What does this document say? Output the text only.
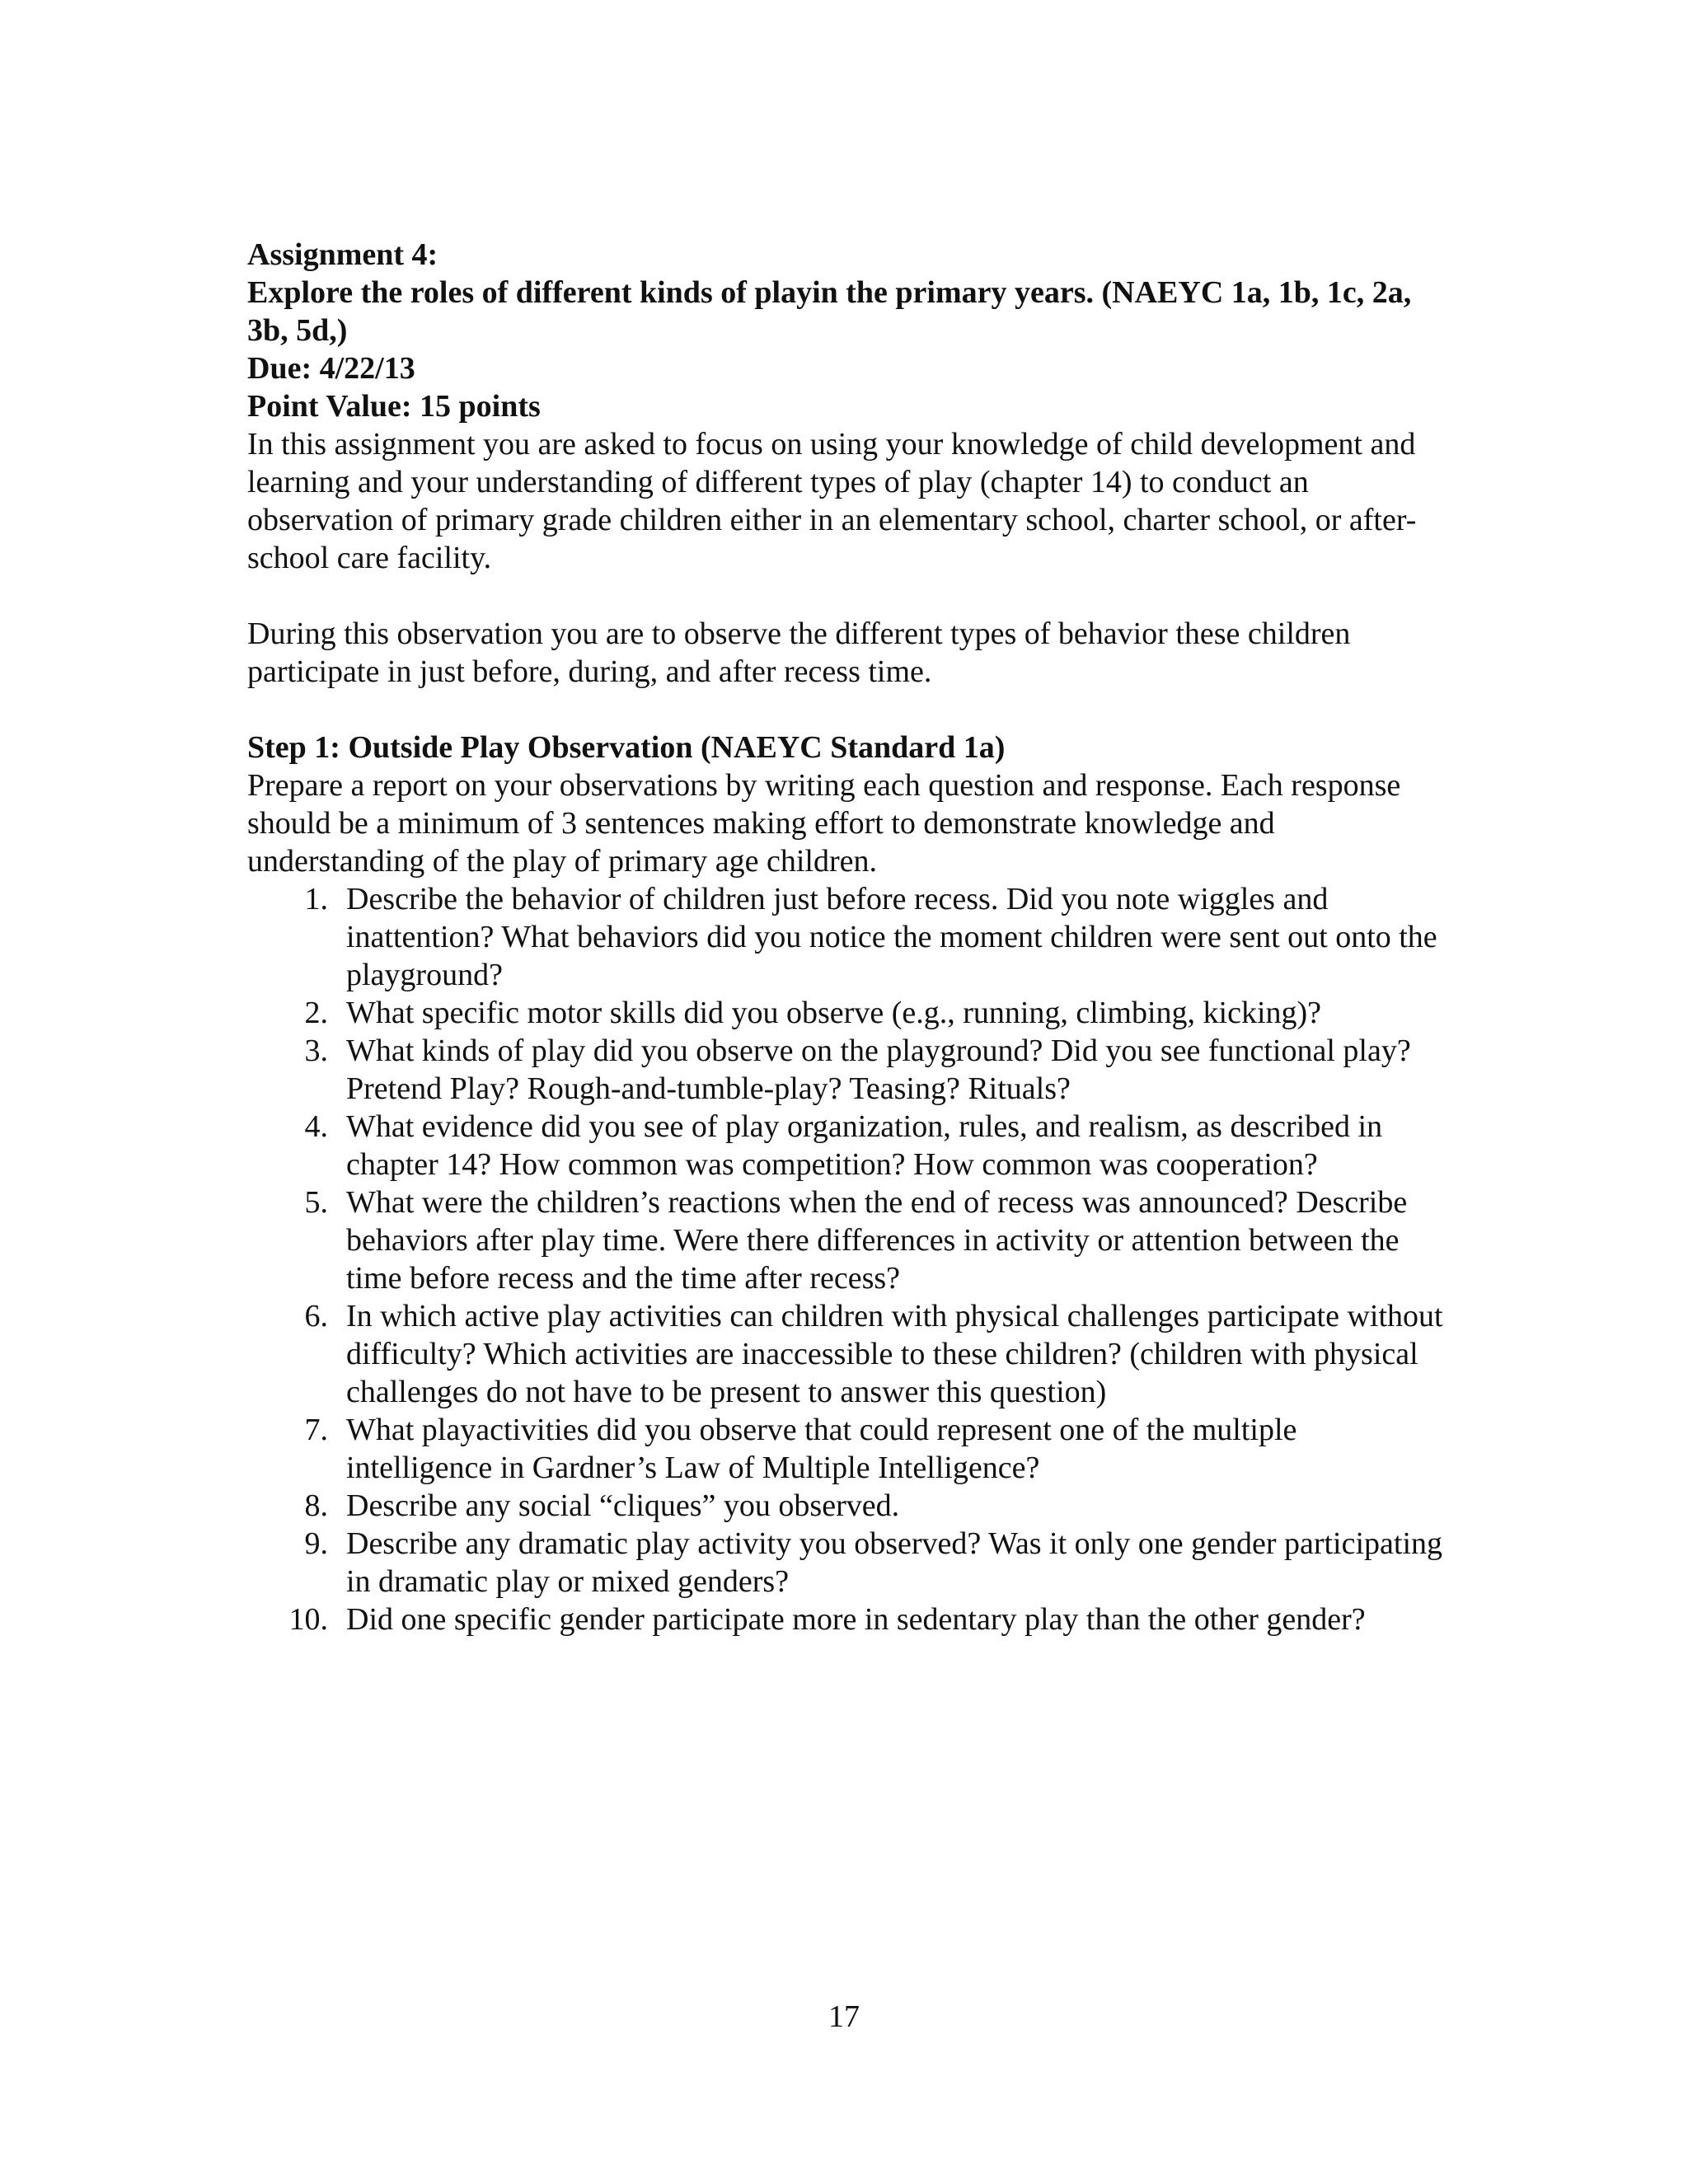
Assignment 4:

Explore the roles of different kinds of playin the primary years. (NAEYC 1a, 1b, 1c, 2a, 3b, 5d,)

Due: 4/22/13

Point Value: 15 points

In this assignment you are asked to focus on using your knowledge of child development and learning and your understanding of different types of play (chapter 14) to conduct an observation of primary grade children either in an elementary school, charter school, or after-school care facility.

During this observation you are to observe the different types of behavior these children participate in just before, during, and after recess time.

Step 1: Outside Play Observation (NAEYC Standard 1a)

Prepare a report on your observations by writing each question and response. Each response should be a minimum of 3 sentences making effort to demonstrate knowledge and understanding of the play of primary age children.

1. Describe the behavior of children just before recess. Did you note wiggles and inattention? What behaviors did you notice the moment children were sent out onto the playground?
2. What specific motor skills did you observe (e.g., running, climbing, kicking)?
3. What kinds of play did you observe on the playground? Did you see functional play? Pretend Play? Rough-and-tumble-play? Teasing? Rituals?
4. What evidence did you see of play organization, rules, and realism, as described in chapter 14? How common was competition? How common was cooperation?
5. What were the children’s reactions when the end of recess was announced? Describe behaviors after play time. Were there differences in activity or attention between the time before recess and the time after recess?
6. In which active play activities can children with physical challenges participate without difficulty? Which activities are inaccessible to these children? (children with physical challenges do not have to be present to answer this question)
7. What playactivities did you observe that could represent one of the multiple intelligence in Gardner’s Law of Multiple Intelligence?
8. Describe any social “cliques” you observed.
9. Describe any dramatic play activity you observed? Was it only one gender participating in dramatic play or mixed genders?
10. Did one specific gender participate more in sedentary play than the other gender?
17
